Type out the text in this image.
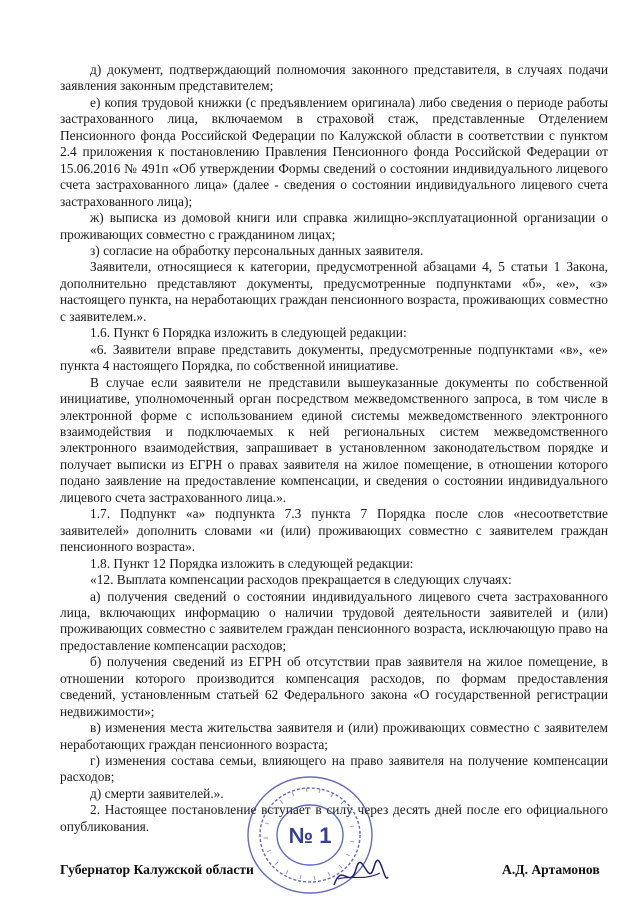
д) документ, подтверждающий полномочия законного представителя, в случаях подачи заявления законным представителем;

е) копия трудовой книжки (с предъявлением оригинала) либо сведения о периоде работы застрахованного лица, включаемом в страховой стаж, представленные Отделением Пенсионного фонда Российской Федерации по Калужской области в соответствии с пунктом 2.4 приложения к постановлению Правления Пенсионного фонда Российской Федерации от 15.06.2016 № 491п «Об утверждении Формы сведений о состоянии индивидуального лицевого счета застрахованного лица» (далее - сведения о состоянии индивидуального лицевого счета застрахованного лица);

ж) выписка из домовой книги или справка жилищно-эксплуатационной организации о проживающих совместно с гражданином лицах;

з) согласие на обработку персональных данных заявителя.

Заявители, относящиеся к категории, предусмотренной абзацами 4, 5 статьи 1 Закона, дополнительно представляют документы, предусмотренные подпунктами «б», «е», «з» настоящего пункта, на неработающих граждан пенсионного возраста, проживающих совместно с заявителем.».

1.6. Пункт 6 Порядка изложить в следующей редакции:

«6. Заявители вправе представить документы, предусмотренные подпунктами «в», «е» пункта 4 настоящего Порядка, по собственной инициативе.

В случае если заявители не представили вышеуказанные документы по собственной инициативе, уполномоченный орган посредством межведомственного запроса, в том числе в электронной форме с использованием единой системы межведомственного электронного взаимодействия и подключаемых к ней региональных систем межведомственного электронного взаимодействия, запрашивает в установленном законодательством порядке и получает выписки из ЕГРН о правах заявителя на жилое помещение, в отношении которого подано заявление на предоставление компенсации, и сведения о состоянии индивидуального лицевого счета застрахованного лица.».

1.7. Подпункт «а» подпункта 7.3 пункта 7 Порядка после слов «несоответствие заявителей» дополнить словами «и (или) проживающих совместно с заявителем граждан пенсионного возраста».

1.8. Пункт 12 Порядка изложить в следующей редакции:

«12. Выплата компенсации расходов прекращается в следующих случаях:

а) получения сведений о состоянии индивидуального лицевого счета застрахованного лица, включающих информацию о наличии трудовой деятельности заявителей и (или) проживающих совместно с заявителем граждан пенсионного возраста, исключающую право на предоставление компенсации расходов;

б) получения сведений из ЕГРН об отсутствии прав заявителя на жилое помещение, в отношении которого производится компенсация расходов, по формам предоставления сведений, установленным статьей 62 Федерального закона «О государственной регистрации недвижимости»;

в) изменения места жительства заявителя и (или) проживающих совместно с заявителем неработающих граждан пенсионного возраста;

г) изменения состава семьи, влияющего на право заявителя на получение компенсации расходов;

д) смерти заявителей.».

2. Настоящее постановление вступает в силу через десять дней после его официального опубликования.	№ 1
Губернатор Калужской области	А.Д. Артамонов
